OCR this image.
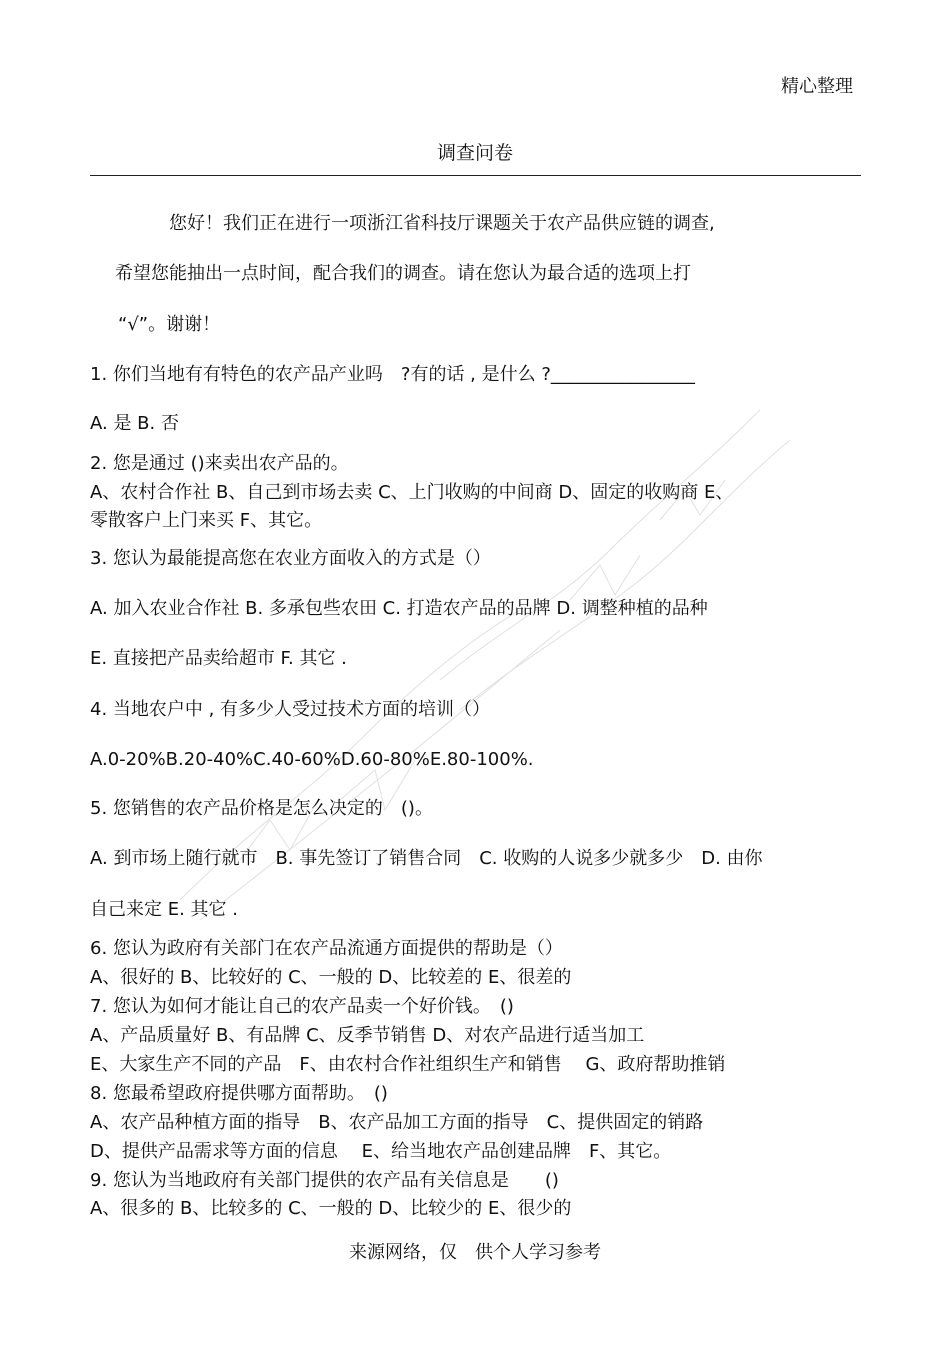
精心整理
调查问卷
您好！我们正在进行一项浙江省科技厅课题关于农产品供应链的调查,
希望您能抽出一点时间，配合我们的调查。请在您认为最合适的选项上打
“√”。谢谢！
1. 你们当地有有特色的农产品产业吗　?有的话 , 是什么 ?________________
A. 是 B. 否
2. 您是通过 ()来卖出农产品的。
A、农村合作社 B、自己到市场去卖 C、上门收购的中间商 D、固定的收购商 E、
零散客户上门来买 F、其它。
3. 您认为最能提高您在农业方面收入的方式是（）
A. 加入农业合作社 B. 多承包些农田 C. 打造农产品的品牌 D. 调整种植的品种
E. 直接把产品卖给超市 F. 其它 .
4. 当地农户中 , 有多少人受过技术方面的培训（）
A.0-20%B.20-40%C.40-60%D.60-80%E.80-100%.
5. 您销售的农产品价格是怎么决定的　()。
A. 到市场上随行就市　B. 事先签订了销售合同　C. 收购的人说多少就多少　D. 由你
自己来定 E. 其它 .
6. 您认为政府有关部门在农产品流通方面提供的帮助是（）
A、很好的 B、比较好的 C、一般的 D、比较差的 E、很差的
7. 您认为如何才能让自己的农产品卖一个好价钱。　()
A、产品质量好 B、有品牌 C、反季节销售 D、对农产品进行适当加工
E、大家生产不同的产品　F、由农村合作社组织生产和销售　 G、政府帮助推销
8. 您最希望政府提供哪方面帮助。　()
A、农产品种植方面的指导　B、农产品加工方面的指导　C、提供固定的销路
D、提供产品需求等方面的信息　 E、给当地农产品创建品牌　F、其它。
9. 您认为当地政府有关部门提供的农产品有关信息是　　()
A、很多的 B、比较多的 C、一般的 D、比较少的 E、很少的
来源网络，仅　供个人学习参考
